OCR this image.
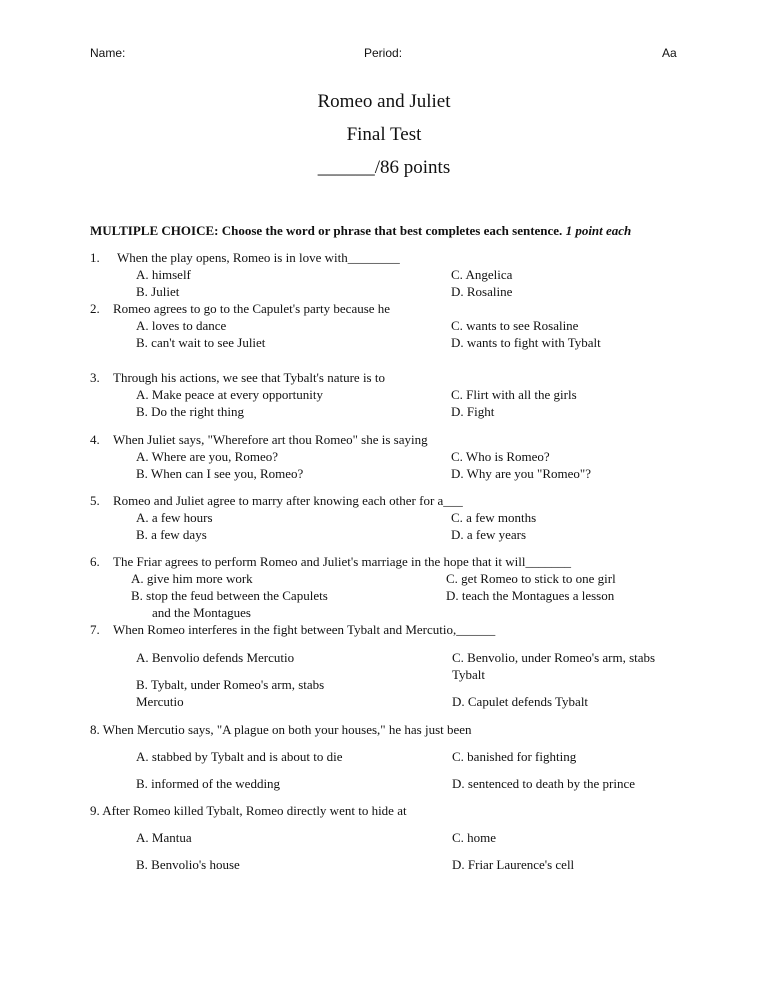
Name:	Period:	Aa
Romeo and Juliet
Final Test
______/86 points
MULTIPLE CHOICE: Choose the word or phrase that best completes each sentence. 1 point each
1. When the play opens, Romeo is in love with________
A. himself
B. Juliet
C. Angelica
D. Rosaline
2. Romeo agrees to go to the Capulet's party because he
A. loves to dance
B. can't wait to see Juliet
C. wants to see Rosaline
D. wants to fight with Tybalt
3. Through his actions, we see that Tybalt's nature is to
A. Make peace at every opportunity
B. Do the right thing
C. Flirt with all the girls
D. Fight
4. When Juliet says, "Wherefore art thou Romeo" she is saying
A. Where are you, Romeo?
B. When can I see you, Romeo?
C. Who is Romeo?
D. Why are you "Romeo"?
5. Romeo and Juliet agree to marry after knowing each other for a___
A. a few hours
B. a few days
C. a few months
D. a few years
6. The Friar agrees to perform Romeo and Juliet's marriage in the hope that it will_______
A. give him more work
B. stop the feud between the Capulets
and the Montagues
C. get Romeo to stick to one girl
D. teach the Montagues a lesson
7. When Romeo interferes in the fight between Tybalt and Mercutio,______
A. Benvolio defends Mercutio
B. Tybalt, under Romeo's arm, stabs
Mercutio
C. Benvolio, under Romeo's arm, stabs
Tybalt
D. Capulet defends Tybalt
8. When Mercutio says, "A plague on both your houses," he has just been
A. stabbed by Tybalt and is about to die
B. informed of the wedding
C. banished for fighting
D. sentenced to death by the prince
9. After Romeo killed Tybalt, Romeo directly went to hide at
A. Mantua
B. Benvolio's house
C. home
D. Friar Laurence's cell
